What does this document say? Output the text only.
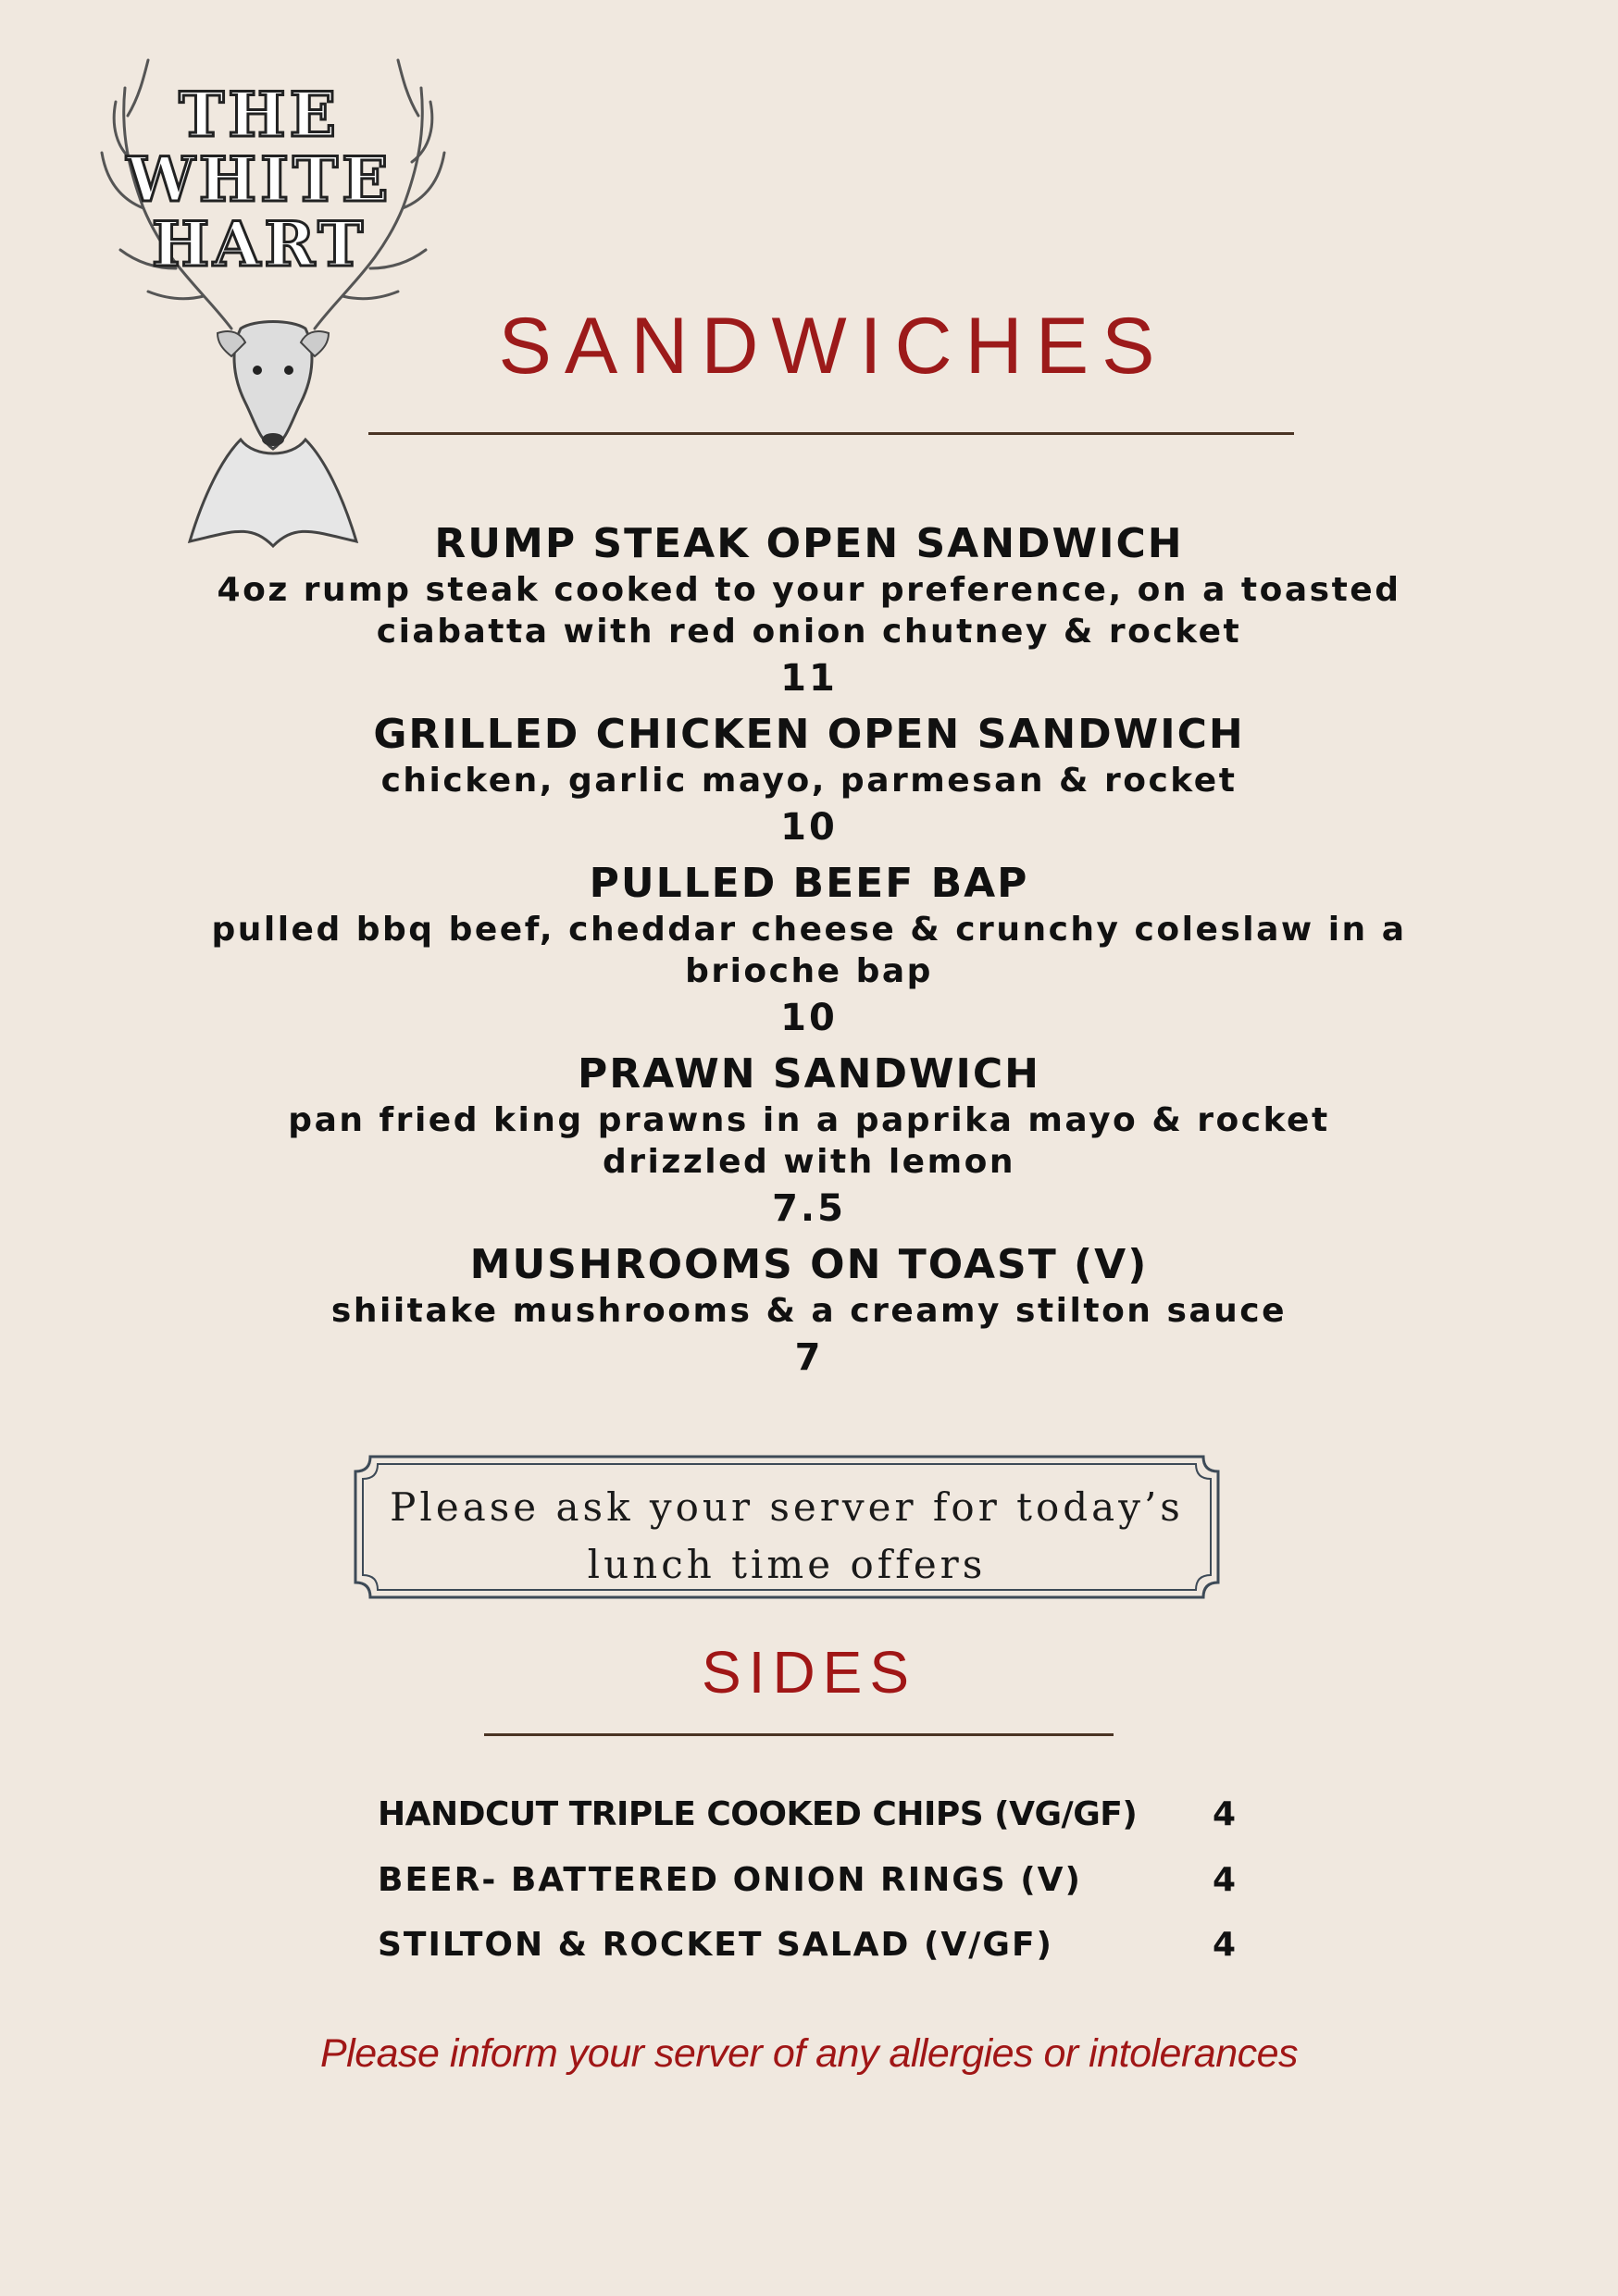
THE
WHITE
HART
SANDWICHES
RUMP STEAK OPEN SANDWICH
4oz rump steak cooked to your preference, on a toasted
ciabatta with red onion chutney & rocket
11
GRILLED CHICKEN OPEN SANDWICH
chicken, garlic mayo, parmesan & rocket
10
PULLED BEEF BAP
pulled bbq beef, cheddar cheese & crunchy coleslaw in a
brioche bap
10
PRAWN SANDWICH
pan fried king prawns in a paprika mayo & rocket
drizzled with lemon
7.5
MUSHROOMS ON TOAST (V)
shiitake mushrooms & a creamy stilton sauce
7
Please ask your server for today’s
lunch time offers
SIDES
HANDCUT TRIPLE COOKED CHIPS (VG/GF) 4
BEER- BATTERED ONION RINGS (V)	4
STILTON & ROCKET SALAD (V/GF)	4
Please inform your server of any allergies or intolerances
